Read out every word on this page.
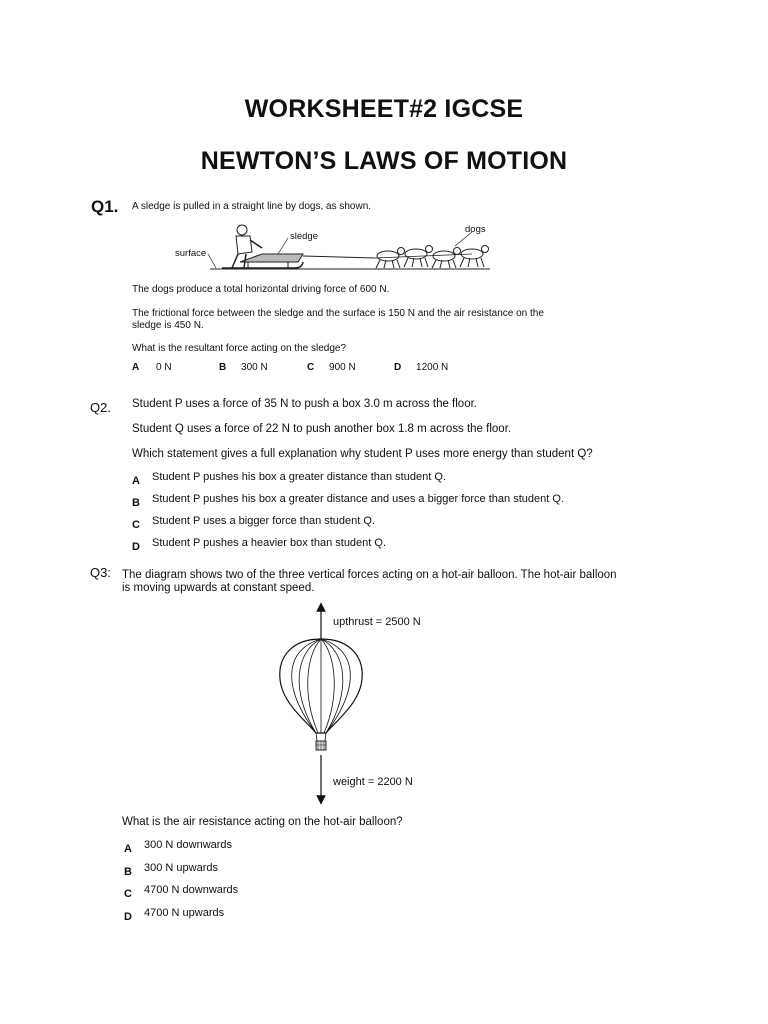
WORKSHEET#2 IGCSE
NEWTON’S LAWS OF MOTION
Q1. A sledge is pulled in a straight line by dogs, as shown.
surface
sledge
dogs
The dogs produce a total horizontal driving force of 600 N.
The frictional force between the sledge and the surface is 150 N and the air resistance on the
sledge is 450 N.
What is the resultant force acting on the sledge?
A 0 N	B 300 N	C 900 N	D 1200 N
Q2. Student P uses a force of 35 N to push a box 3.0 m across the floor.
Student Q uses a force of 22 N to push another box 1.8 m across the floor.
Which statement gives a full explanation why student P uses more energy than student Q?
A Student P pushes his box a greater distance than student Q.
B Student P pushes his box a greater distance and uses a bigger force than student Q.
C Student P uses a bigger force than student Q.
D Student P pushes a heavier box than student Q.
Q3: The diagram shows two of the three vertical forces acting on a hot-air balloon. The hot-air balloon
is moving upwards at constant speed.
upthrust = 2500 N
weight = 2200 N
What is the air resistance acting on the hot-air balloon?
A 300 N downwards
B 300 N upwards
C 4700 N downwards
D 4700 N upwards
